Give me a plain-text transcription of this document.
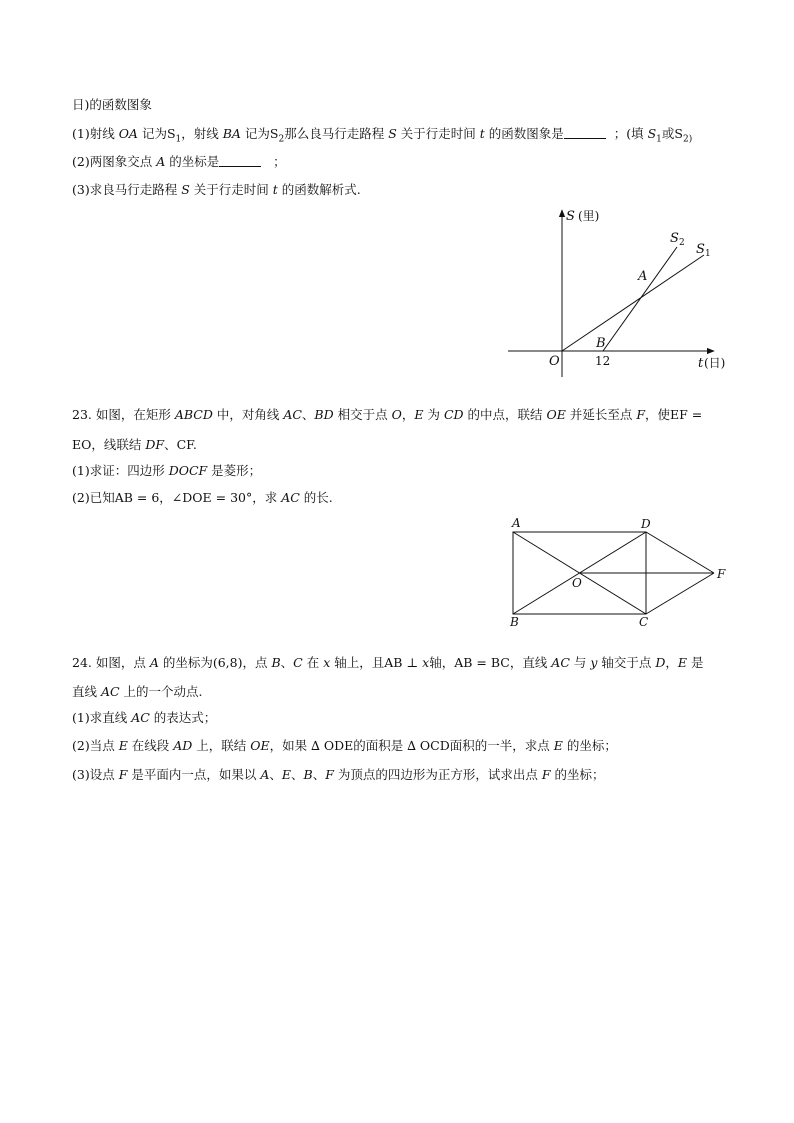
日)的函数图象
(1)射线 OA 记为$S_1$，射线 BA 记为$S_2$那么良马行走路程 S 关于行走时间 t 的函数图象是	；(填 $S_1$或$S_{2)}$
(2)两图象交点 A 的坐标是	；
(3)求良马行走路程 S 关于行走时间 t 的函数解析式.
S (里)
t (日)
O
B
12
A
S 2 S 1
23. 如图，在矩形 ABCD 中，对角线 AC、BD 相交于点 O，E 为 CD 的中点，联结 OE 并延长至点 F，使EF =
EO，线联结 DF、CF.
(1)求证：四边形 DOCF 是菱形；
(2)已知AB = 6，∠DOE = 30°，求 AC 的长.
A	D
B	C
O
F
24. 如图，点 A 的坐标为(6,8)，点 B、C 在 x 轴上，且AB ⊥ x轴，AB = BC，直线 AC 与 y 轴交于点 D，E 是
直线 AC 上的一个动点.
(1)求直线 AC 的表达式；
(2)当点 E 在线段 AD 上，联结 OE，如果 ∆ ODE的面积是 ∆ OCD面积的一半，求点 E 的坐标；
(3)设点 F 是平面内一点，如果以 A、E、B、F 为顶点的四边形为正方形，试求出点 F 的坐标；
